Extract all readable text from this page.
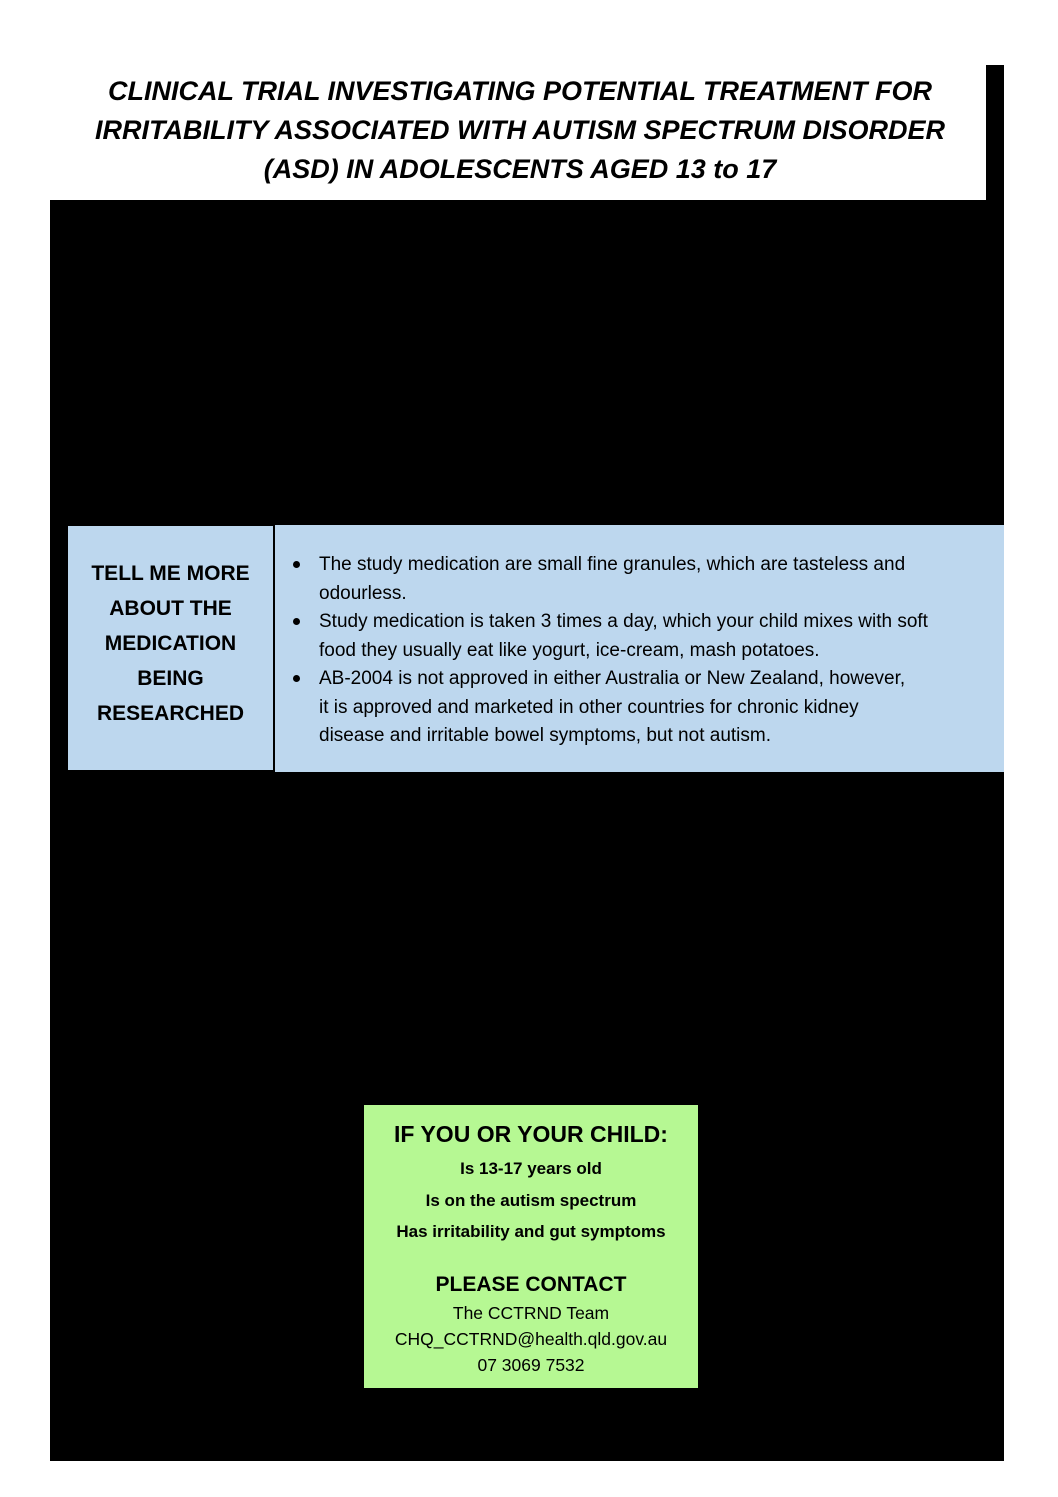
CLINICAL TRIAL INVESTIGATING POTENTIAL TREATMENT FOR
IRRITABILITY ASSOCIATED WITH AUTISM SPECTRUM DISORDER
(ASD) IN ADOLESCENTS AGED 13 to 17
TELL ME MORE
ABOUT THE
MEDICATION
BEING
RESEARCHED
The study medication are small fine granules, which are tasteless and
odourless.
Study medication is taken 3 times a day, which your child mixes with soft
food they usually eat like yogurt, ice-cream, mash potatoes.
AB-2004 is not approved in either Australia or New Zealand, however,
it is approved and marketed in other countries for chronic kidney
disease and irritable bowel symptoms, but not autism.
IF YOU OR YOUR CHILD:
Is 13-17 years old
Is on the autism spectrum
Has irritability and gut symptoms
PLEASE CONTACT
The CCTRND Team
CHQ_CCTRND@health.qld.gov.au
07 3069 7532
